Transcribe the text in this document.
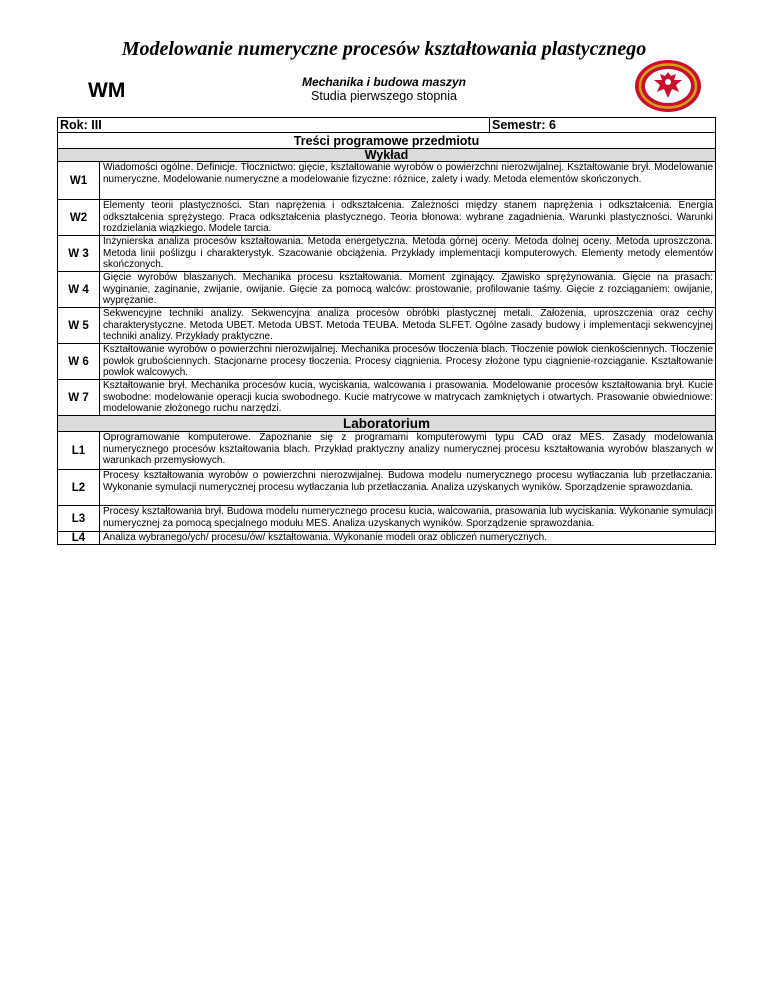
Modelowanie numeryczne procesów kształtowania plastycznego
WM	Mechanika i budowa maszyn
Studia pierwszego stopnia
Rok: III		Semestr: 6
Treści programowe przedmiotu		
Wykład		
W1	Wiadomości ogólne. Definicje. Tłocznictwo: gięcie, kształtowanie wyrobów o powierzchni nierozwijalnej. Kształtowanie brył. Modelowanie numeryczne. Modelowanie numeryczne a modelowanie fizyczne: różnice, zalety i wady. Metoda elementów skończonych.	
W2	Elementy teorii plastyczności. Stan naprężenia i odkształcenia. Zależności między stanem naprężenia i odkształcenia. Energia odkształcenia sprężystego. Praca odkształcenia plastycznego. Teoria błonowa: wybrane zagadnienia. Warunki plastyczności. Warunki rozdzielania wiązkiego. Modele tarcia.	
W 3	Inżynierska analiza procesów kształtowania. Metoda energetyczna. Metoda górnej oceny. Metoda dolnej oceny. Metoda uproszczona. Metoda linii poślizgu i charakterystyk. Szacowanie obciążenia. Przykłady implementacji komputerowych. Elementy metody elementów skończonych.	
W 4	Gięcie wyrobów blaszanych. Mechanika procesu kształtowania. Moment zginający. Zjawisko sprężynowania. Gięcie na prasach: wyginanie, zaginanie, zwijanie, owijanie. Gięcie za pomocą walców: prostowanie, profilowanie taśmy. Gięcie z rozciąganiem: owijanie, wyprężanie.	
W 5	Sekwencyjne techniki analizy. Sekwencyjna analiza procesów obróbki plastycznej metali. Założenia, uproszczenia oraz cechy charakterystyczne. Metoda UBET. Metoda UBST. Metoda TEUBA. Metoda SLFET. Ogólne zasady budowy i implementacji sekwencyjnej techniki analizy. Przykłady praktyczne.	
W 6	Kształtowanie wyrobów o powierzchni nierozwijalnej. Mechanika procesów tłoczenia blach. Tłoczenie powłok cienkościennych. Tłoczenie powłok grubościennych. Stacjonarne procesy tłoczenia. Procesy ciągnienia. Procesy złożone typu ciągnienie-rozciąganie. Kształtowanie powłok walcowych.	
W 7	Kształtowanie brył. Mechanika procesów kucia, wyciskania, walcowania i prasowania. Modelowanie procesów kształtowania brył. Kucie swobodne: modelowanie operacji kucia swobodnego. Kucie matrycowe w matrycach zamkniętych i otwartych. Prasowanie obwiedniowe: modelowanie złożonego ruchu narzędzi.	
Laboratorium		
L1	Oprogramowanie komputerowe. Zapoznanie się z programami komputerowymi typu CAD oraz MES. Zasady modelowania numerycznego procesów kształtowania blach. Przykład praktyczny analizy numerycznej procesu kształtowania wyrobów blaszanych w warunkach przemysłowych.	
L2	Procesy kształtowania wyrobów o powierzchni nierozwijalnej. Budowa modelu numerycznego procesu wytłaczania lub przetłaczania. Wykonanie symulacji numerycznej procesu wytłaczania lub przetłaczania. Analiza uzyskanych wyników. Sporządzenie sprawozdania.	
L3	Procesy kształtowania brył. Budowa modelu numerycznego procesu kucia, walcowania, prasowania lub wyciskania. Wykonanie symulacji numerycznej za pomocą specjalnego modułu MES. Analiza uzyskanych wyników. Sporządzenie sprawozdania.	
L4	Analiza wybranego/ych/ procesu/ów/ kształtowania. Wykonanie modeli oraz obliczeń numerycznych.	
